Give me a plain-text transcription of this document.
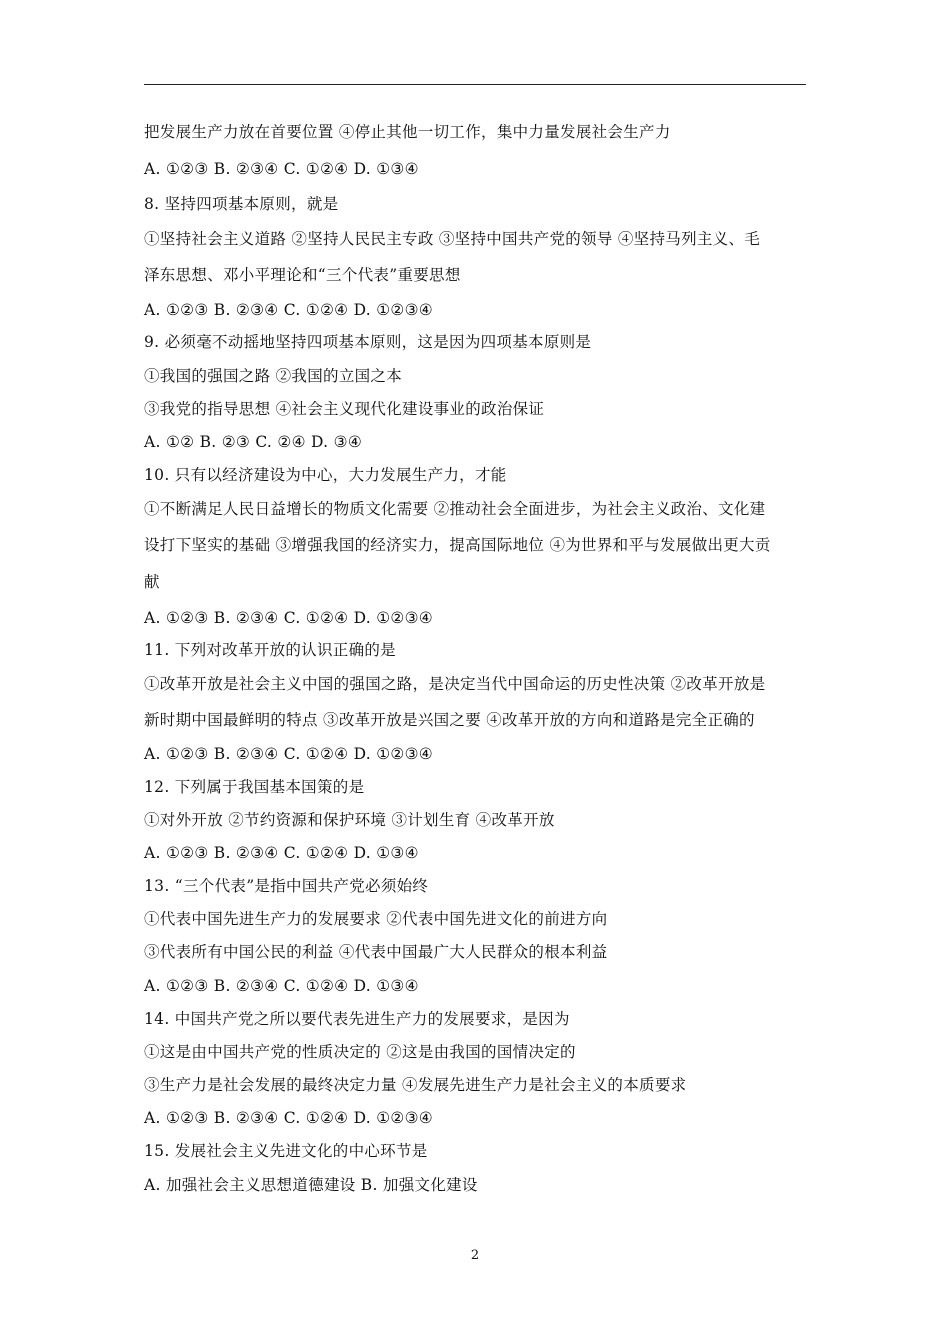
把发展生产力放在首要位置 ④停止其他一切工作，集中力量发展社会生产力
A. ①②③ B. ②③④ C. ①②④ D. ①③④
8. 坚持四项基本原则，就是
①坚持社会主义道路 ②坚持人民民主专政 ③坚持中国共产党的领导 ④坚持马列主义、毛
泽东思想、邓小平理论和“三个代表”重要思想
A. ①②③ B. ②③④ C. ①②④ D. ①②③④
9. 必须毫不动摇地坚持四项基本原则，这是因为四项基本原则是
①我国的强国之路 ②我国的立国之本
③我党的指导思想 ④社会主义现代化建设事业的政治保证
A. ①② B. ②③ C. ②④ D. ③④
10. 只有以经济建设为中心，大力发展生产力，才能
①不断满足人民日益增长的物质文化需要 ②推动社会全面进步，为社会主义政治、文化建
设打下坚实的基础 ③增强我国的经济实力，提高国际地位 ④为世界和平与发展做出更大贡
献
A. ①②③ B. ②③④ C. ①②④ D. ①②③④
11. 下列对改革开放的认识正确的是
①改革开放是社会主义中国的强国之路，是决定当代中国命运的历史性决策 ②改革开放是
新时期中国最鲜明的特点 ③改革开放是兴国之要 ④改革开放的方向和道路是完全正确的
A. ①②③ B. ②③④ C. ①②④ D. ①②③④
12. 下列属于我国基本国策的是
①对外开放 ②节约资源和保护环境 ③计划生育 ④改革开放
A. ①②③ B. ②③④ C. ①②④ D. ①③④
13. “三个代表”是指中国共产党必须始终
①代表中国先进生产力的发展要求 ②代表中国先进文化的前进方向
③代表所有中国公民的利益 ④代表中国最广大人民群众的根本利益
A. ①②③ B. ②③④ C. ①②④ D. ①③④
14. 中国共产党之所以要代表先进生产力的发展要求，是因为
①这是由中国共产党的性质决定的 ②这是由我国的国情决定的
③生产力是社会发展的最终决定力量 ④发展先进生产力是社会主义的本质要求
A. ①②③ B. ②③④ C. ①②④ D. ①②③④
15. 发展社会主义先进文化的中心环节是
A. 加强社会主义思想道德建设 B. 加强文化建设
2
